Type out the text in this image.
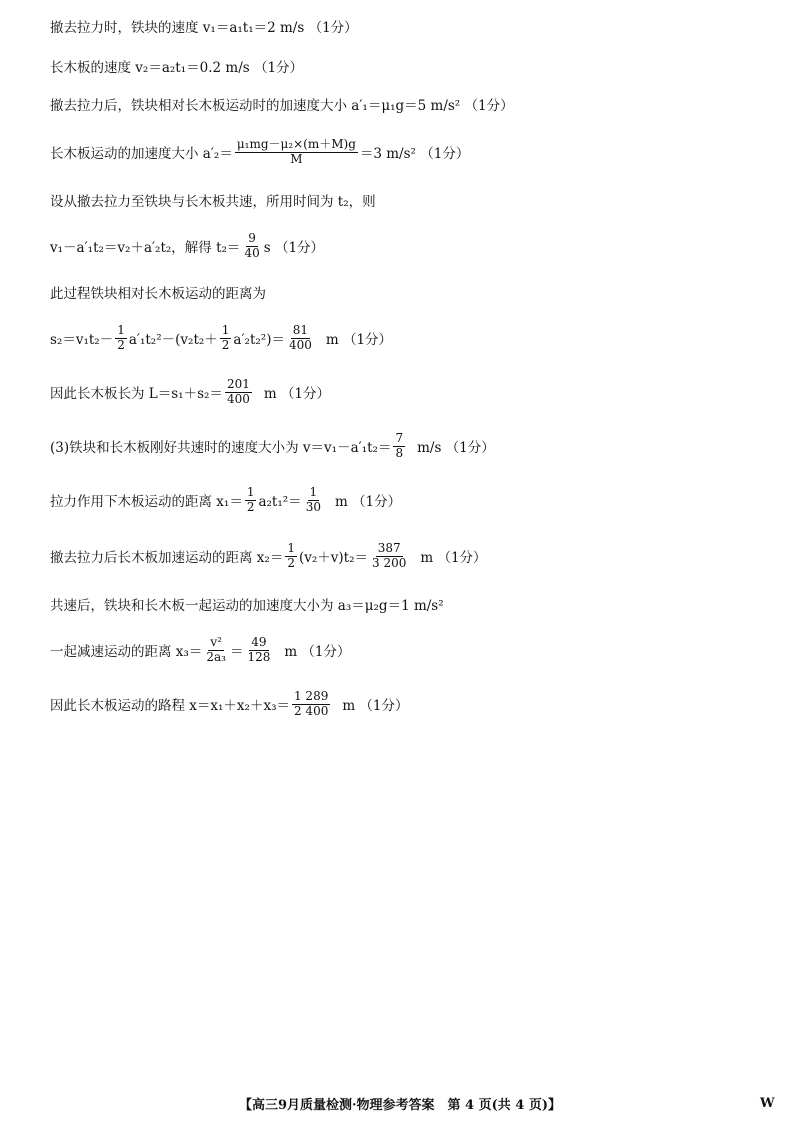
撤去拉力时，铁块的速度 v₁＝a₁t₁＝2 m/s （1分）
长木板的速度 v₂＝a₂t₁＝0.2 m/s （1分）
撤去拉力后，铁块相对长木板运动时的加速度大小 a′₁＝μ₁g＝5 m/s² （1分）
长木板运动的加速度大小 $a'_2= \frac{\text{μ₁mg－μ₂×(m＋M)g}}{M} =3$ m/s² （1分）
设从撤去拉力至铁块与长木板共速，所用时间为 t₂，则
v₁－a′₁t₂＝v₂＋a′₂t₂，解得 $t_2= \frac{9}{40}$ s （1分）
此过程铁块相对长木板运动的距离为
$s_2=v_1t_2- \frac{1}{2} a'_1t_2^2-(v_2t_2+ \frac{1}{2} a'_2t_2^2)= \frac{81}{400}$ m （1分）
因此长木板长为 $L=s_1+s_2= \frac{201}{400}$ m （1分）
(3)铁块和长木板刚好共速时的速度大小为 $v=v_1-a'_1t_2= \frac{7}{8} m/s$ （1分）
拉力作用下木板运动的距离 $x_1= \frac{1}{2} a_2t_1^2= \frac{1}{30}$ m （1分）
撤去拉力后长木板加速运动的距离 $x_2= \frac{1}{2} (v_2+v)t_2= \frac{387}{3 200}$ m （1分）
共速后，铁块和长木板一起运动的加速度大小为 a₃＝μ₂g＝1 m/s²
一起减速运动的距离 $x_3= \frac{\text{v²}}{\text{2a₃}} = \frac{49}{128}$ m （1分）
因此长木板运动的路程 $x=x_1+x_2+x_3= \frac{1 289}{2 400}$ m （1分）
【高三9月质量检测·物理参考答案　第 4 页(共 4 页)】	W
